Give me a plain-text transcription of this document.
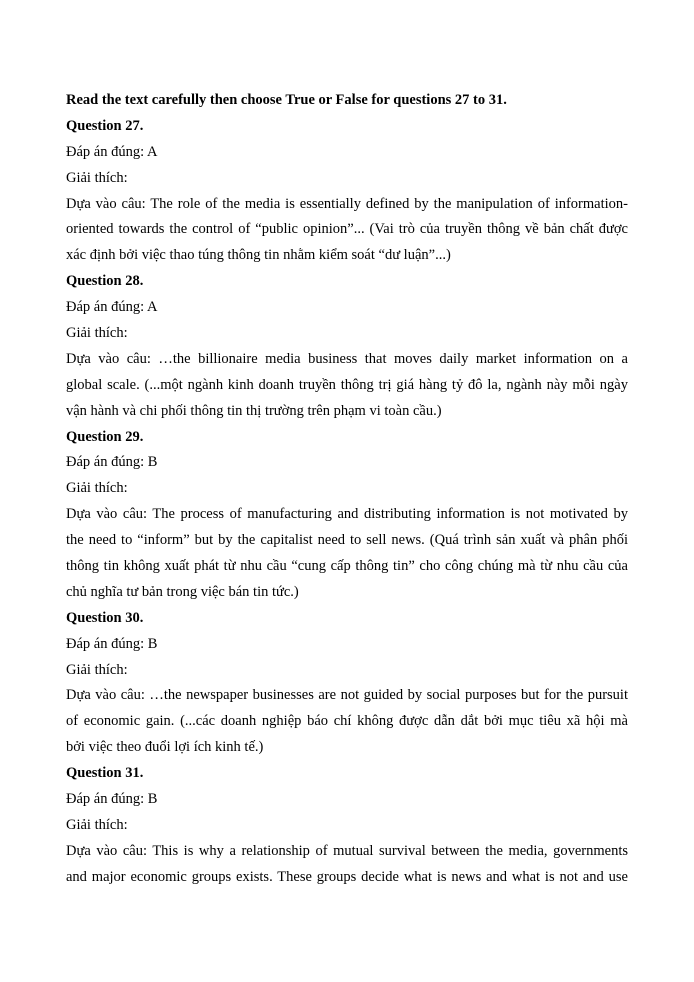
Read the text carefully then choose True or False for questions 27 to 31.
Question 27.
Đáp án đúng: A
Giải thích:
Dựa vào câu: The role of the media is essentially defined by the manipulation of information-
oriented towards the control of “public opinion”... (Vai trò của truyền thông về bản chất được
xác định bởi việc thao túng thông tin nhằm kiểm soát “dư luận”...)
Question 28.
Đáp án đúng: A
Giải thích:
Dựa vào câu: …the billionaire media business that moves daily market information on a
global scale. (...một ngành kinh doanh truyền thông trị giá hàng tỷ đô la, ngành này mỗi ngày
vận hành và chi phối thông tin thị trường trên phạm vi toàn cầu.)
Question 29.
Đáp án đúng: B
Giải thích:
Dựa vào câu: The process of manufacturing and distributing information is not motivated by
the need to “inform” but by the capitalist need to sell news. (Quá trình sản xuất và phân phối
thông tin không xuất phát từ nhu cầu “cung cấp thông tin” cho công chúng mà từ nhu cầu của
chủ nghĩa tư bản trong việc bán tin tức.)
Question 30.
Đáp án đúng: B
Giải thích:
Dựa vào câu: …the newspaper businesses are not guided by social purposes but for the pursuit
of economic gain. (...các doanh nghiệp báo chí không được dẫn dắt bởi mục tiêu xã hội mà
bởi việc theo đuổi lợi ích kinh tế.)
Question 31.
Đáp án đúng: B
Giải thích:
Dựa vào câu: This is why a relationship of mutual survival between the media, governments
and major economic groups exists. These groups decide what is news and what is not and use
